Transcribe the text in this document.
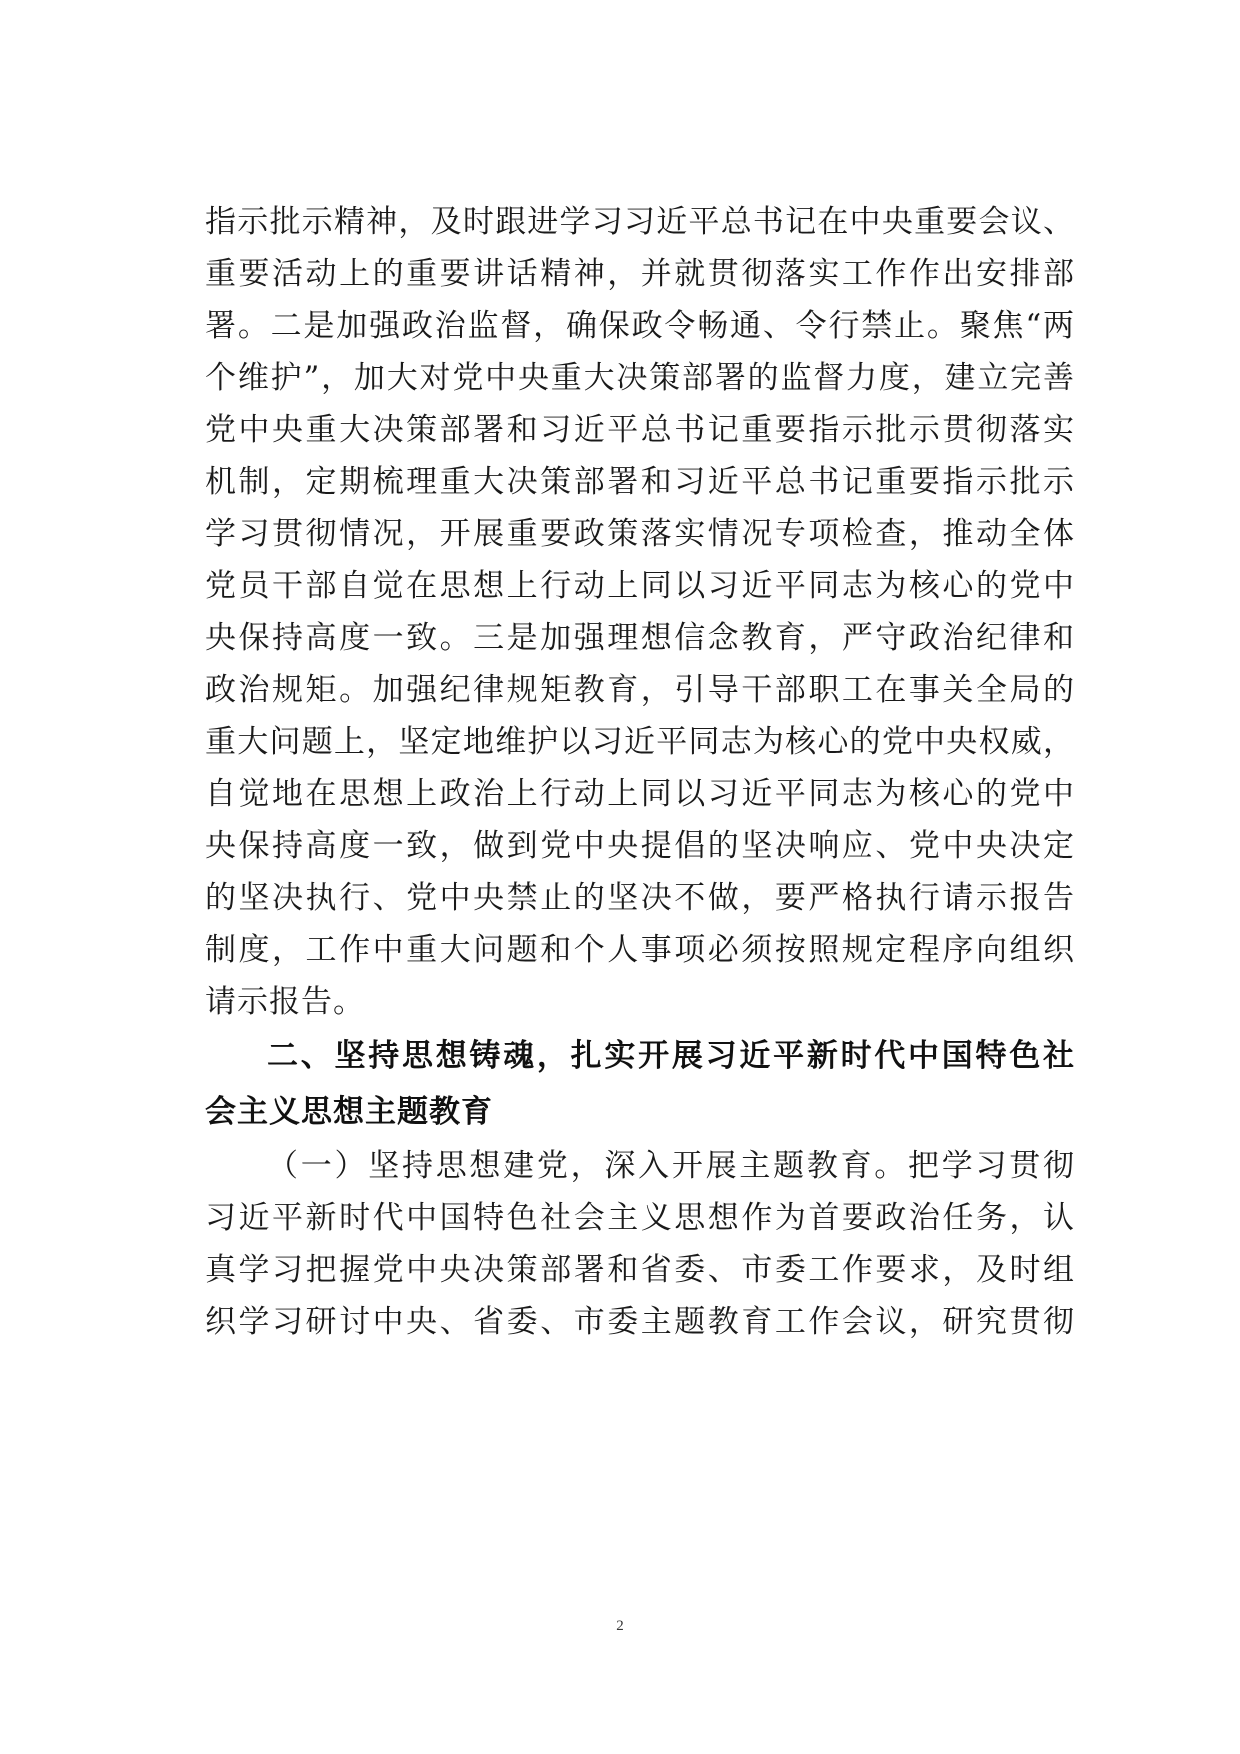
指示批示精神，及时跟进学习习近平总书记在中央重要会议、
重要活动上的重要讲话精神，并就贯彻落实工作作出安排部
署。二是加强政治监督，确保政令畅通、令行禁止。聚焦“两
个维护”，加大对党中央重大决策部署的监督力度，建立完善
党中央重大决策部署和习近平总书记重要指示批示贯彻落实
机制，定期梳理重大决策部署和习近平总书记重要指示批示
学习贯彻情况，开展重要政策落实情况专项检查，推动全体
党员干部自觉在思想上行动上同以习近平同志为核心的党中
央保持高度一致。三是加强理想信念教育，严守政治纪律和
政治规矩。加强纪律规矩教育，引导干部职工在事关全局的
重大问题上，坚定地维护以习近平同志为核心的党中央权威，
自觉地在思想上政治上行动上同以习近平同志为核心的党中
央保持高度一致，做到党中央提倡的坚决响应、党中央决定
的坚决执行、党中央禁止的坚决不做，要严格执行请示报告
制度，工作中重大问题和个人事项必须按照规定程序向组织
请示报告。
二、坚持思想铸魂，扎实开展习近平新时代中国特色社
会主义思想主题教育
（一）坚持思想建党，深入开展主题教育。把学习贯彻
习近平新时代中国特色社会主义思想作为首要政治任务，认
真学习把握党中央决策部署和省委、市委工作要求，及时组
织学习研讨中央、省委、市委主题教育工作会议，研究贯彻
2
